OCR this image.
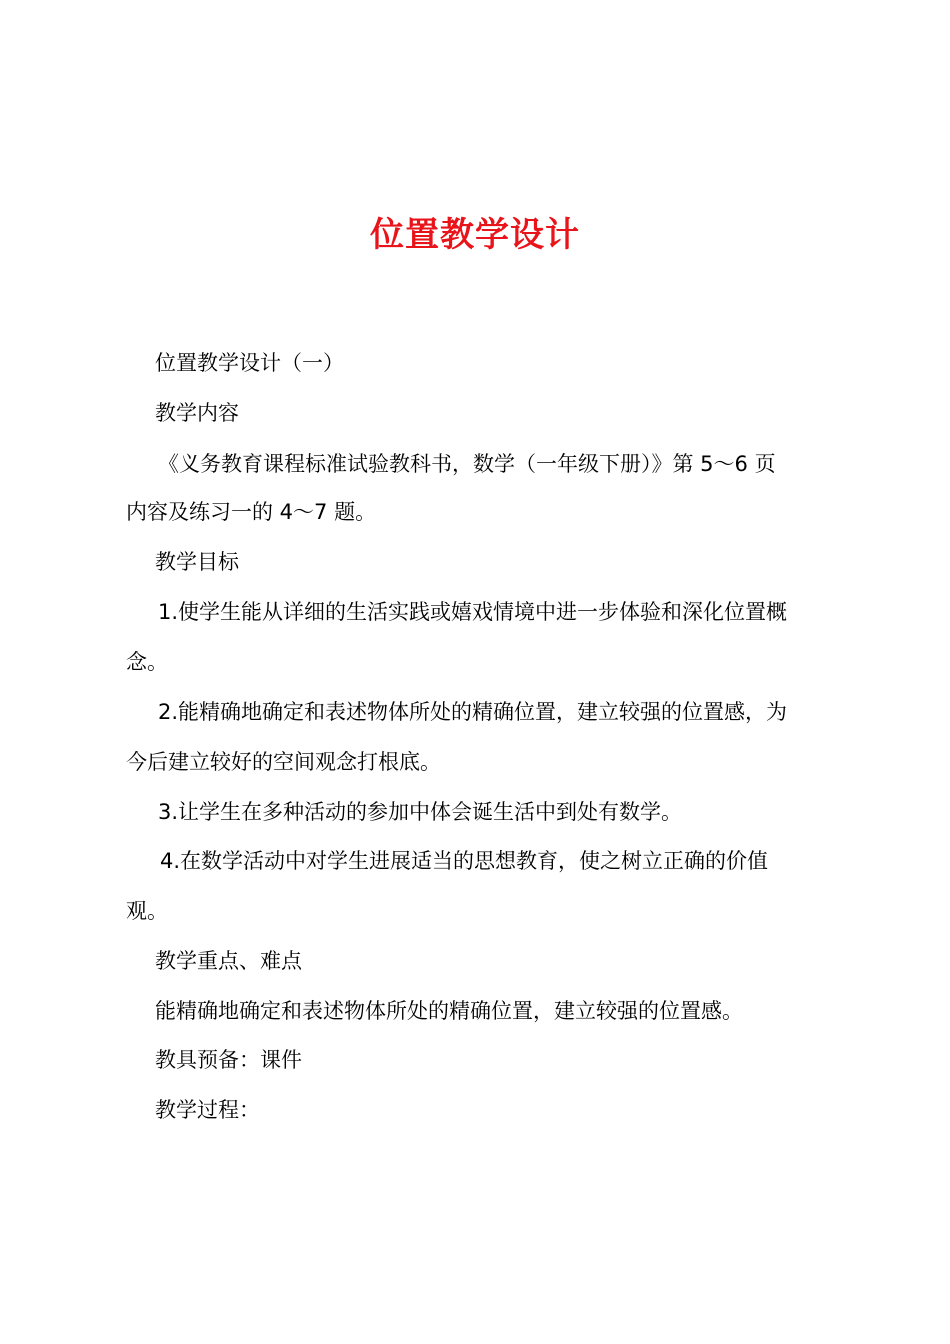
位置教学设计
位置教学设计（一）
教学内容
《义务教育课程标准试验教科书，数学（一年级下册）》第 5～6 页
内容及练习一的 4～7 题。
教学目标
1.使学生能从详细的生活实践或嬉戏情境中进一步体验和深化位置概
念。
2.能精确地确定和表述物体所处的精确位置，建立较强的位置感，为
今后建立较好的空间观念打根底。
3.让学生在多种活动的参加中体会诞生活中到处有数学。
4.在数学活动中对学生进展适当的思想教育，使之树立正确的价值
观。
教学重点、难点
能精确地确定和表述物体所处的精确位置，建立较强的位置感。
教具预备：课件
教学过程：
